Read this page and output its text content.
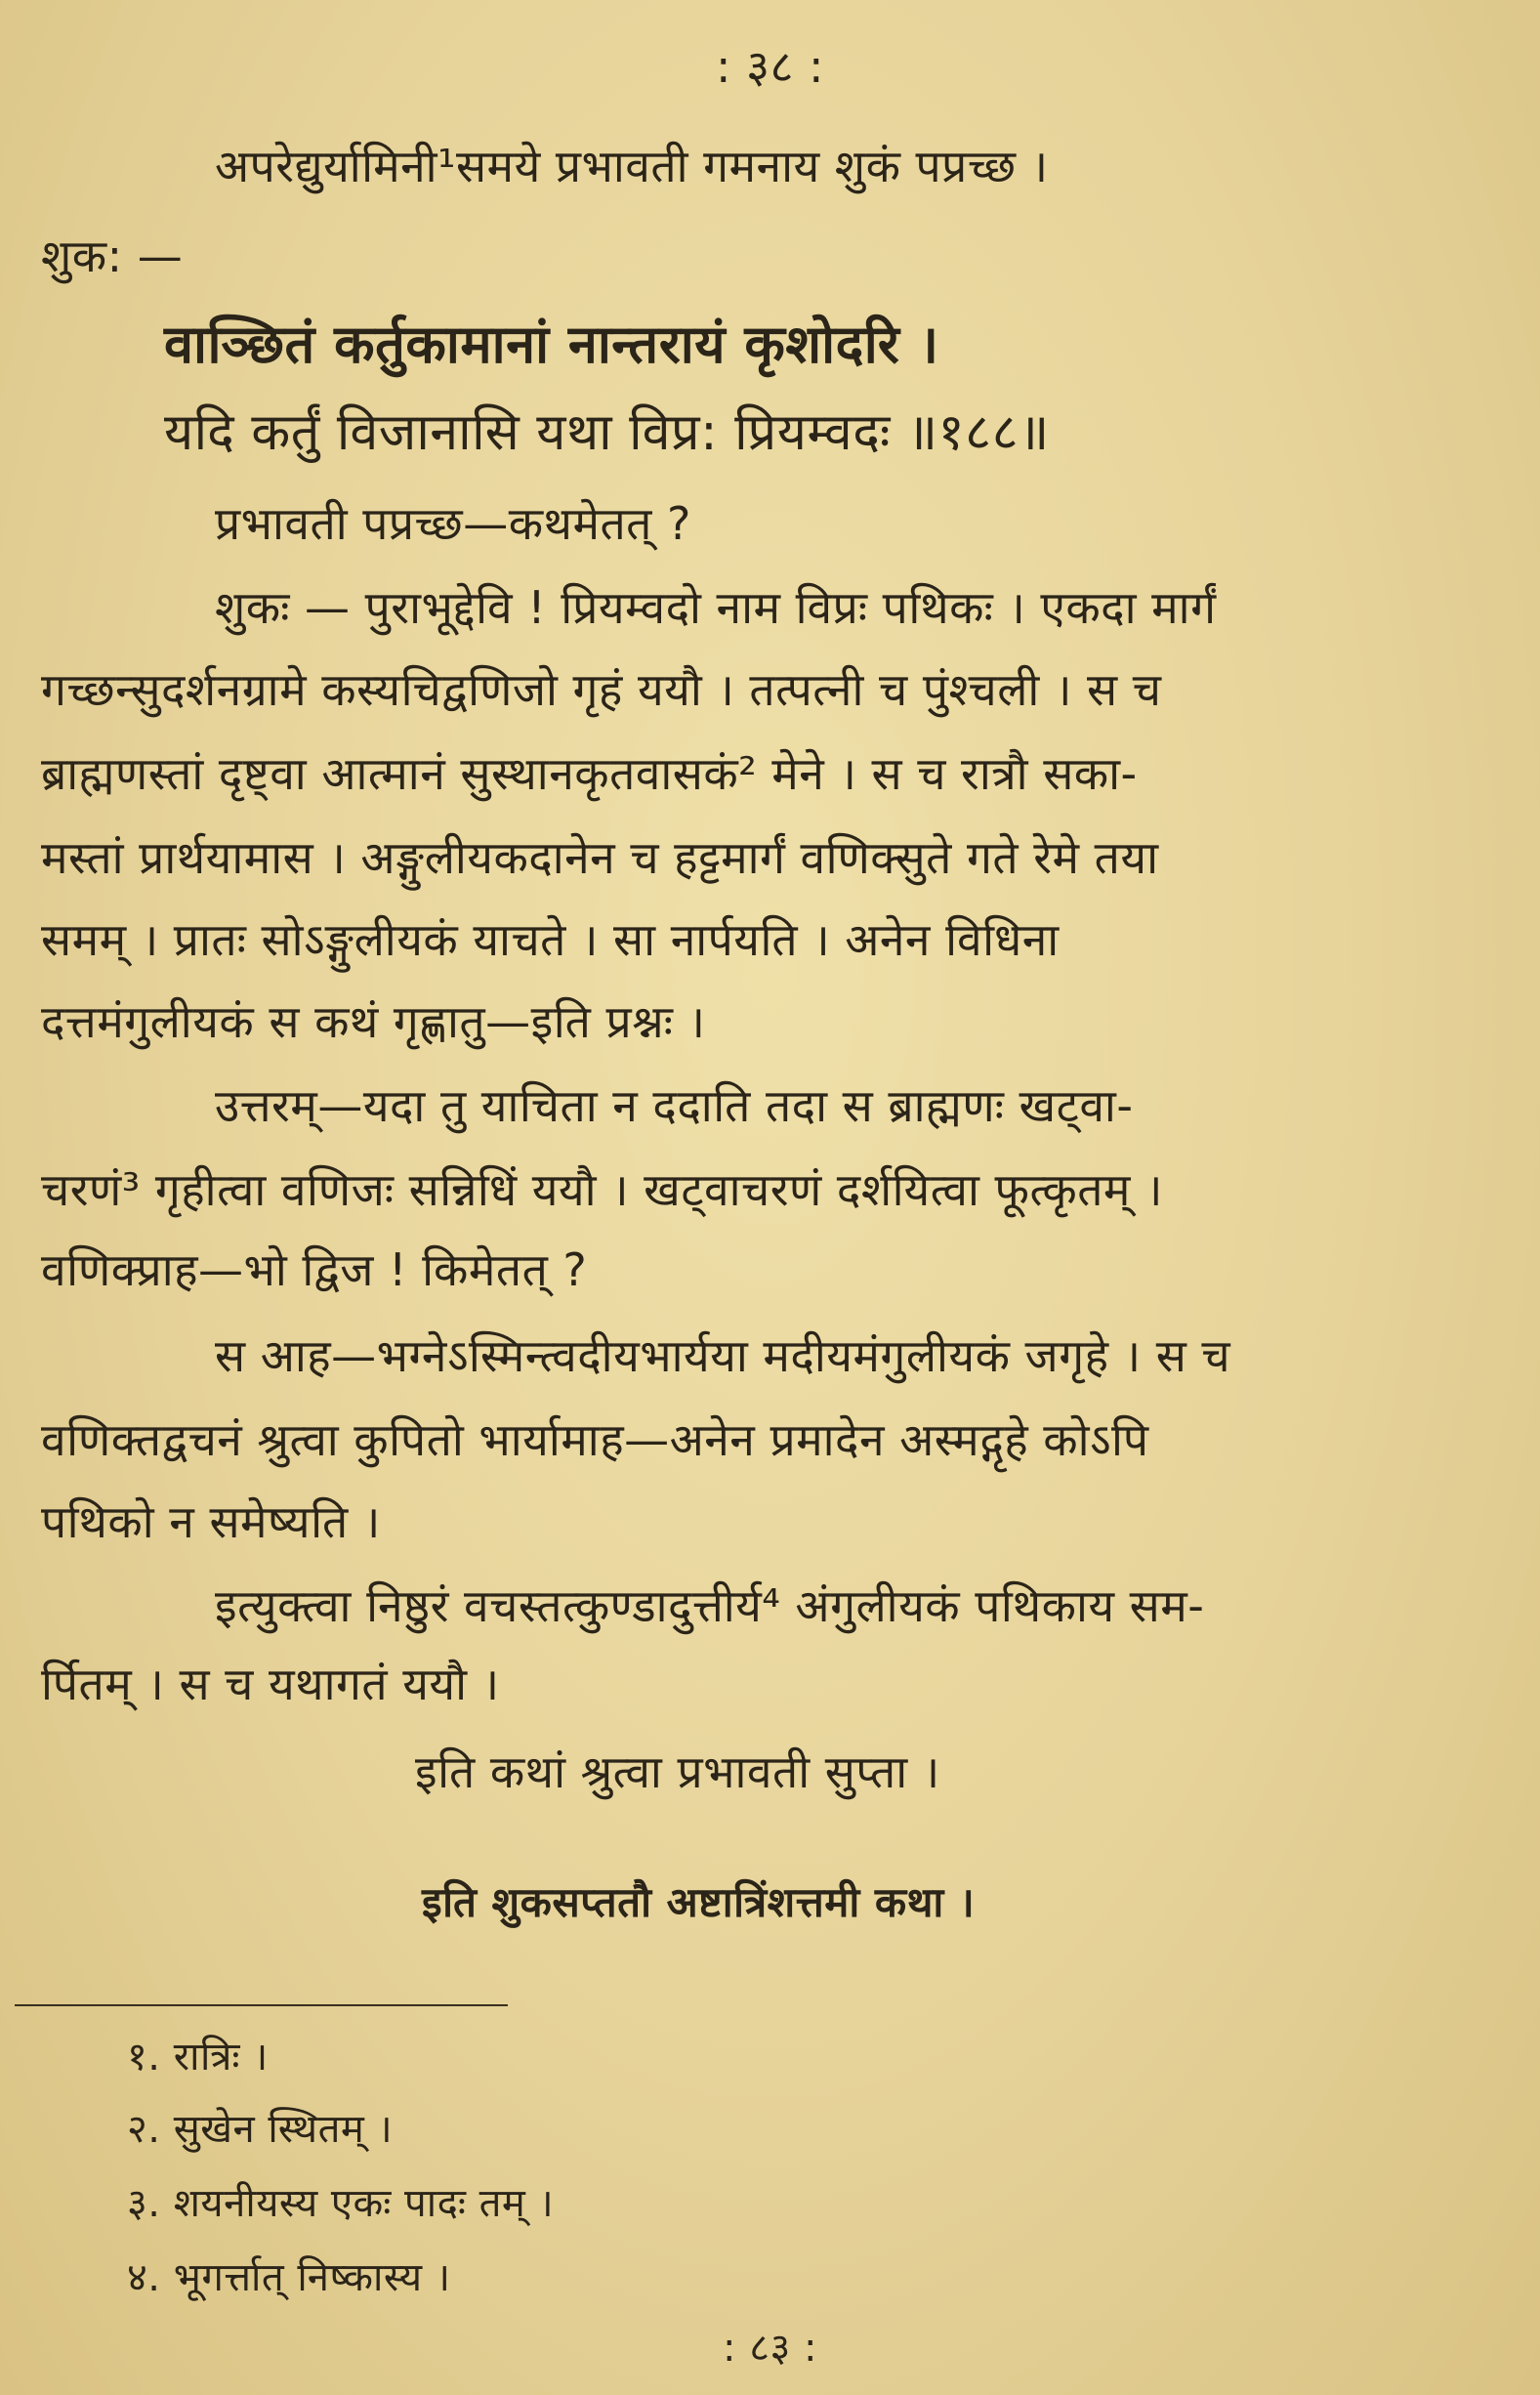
: ३८ :
अपरेद्युर्यामिनी¹समये प्रभावती गमनाय शुकं पप्रच्छ ।
शुक: —
वाञ्छितं कर्तुकामानां नान्तरायं कृशोदरि ।
यदि कर्तुं विजानासि यथा विप्र: प्रियम्वदः ॥१८८॥
प्रभावती पप्रच्छ—कथमेतत् ?
शुकः — पुराभूद्देवि ! प्रियम्वदो नाम विप्रः पथिकः । एकदा मार्गं
गच्छन्सुदर्शनग्रामे कस्यचिद्वणिजो गृहं ययौ । तत्पत्नी च पुंश्चली । स च
ब्राह्मणस्तां दृष्ट्वा आत्मानं सुस्थानकृतवासकं² मेने । स च रात्रौ सका-
मस्तां प्रार्थयामास । अङ्गुलीयकदानेन च हट्टमार्गं वणिक्सुते गते रेमे तया
समम् । प्रातः सोऽङ्गुलीयकं याचते । सा नार्पयति । अनेन विधिना
दत्तमंगुलीयकं स कथं गृह्णातु—इति प्रश्नः ।
उत्तरम्—यदा तु याचिता न ददाति तदा स ब्राह्मणः खट्वा-
चरणं³ गृहीत्वा वणिजः सन्निधिं ययौ । खट्वाचरणं दर्शयित्वा फूत्कृतम् ।
वणिक्प्राह—भो द्विज ! किमेतत् ?
स आह—भग्नेऽस्मिन्त्वदीयभार्यया मदीयमंगुलीयकं जगृहे । स च
वणिक्तद्वचनं श्रुत्वा कुपितो भार्यामाह—अनेन प्रमादेन अस्मद्गृहे कोऽपि
पथिको न समेष्यति ।
इत्युक्त्वा निष्ठुरं वचस्तत्कुण्डादुत्तीर्य⁴ अंगुलीयकं पथिकाय सम-
र्पितम् । स च यथागतं ययौ ।
इति कथां श्रुत्वा प्रभावती सुप्ता ।
इति शुकसप्ततौ अष्टात्रिंशत्तमी कथा ।
१. रात्रिः ।
२. सुखेन स्थितम् ।
३. शयनीयस्य एकः पादः तम् ।
४. भूगर्त्तात् निष्कास्य ।
: ८३ :
